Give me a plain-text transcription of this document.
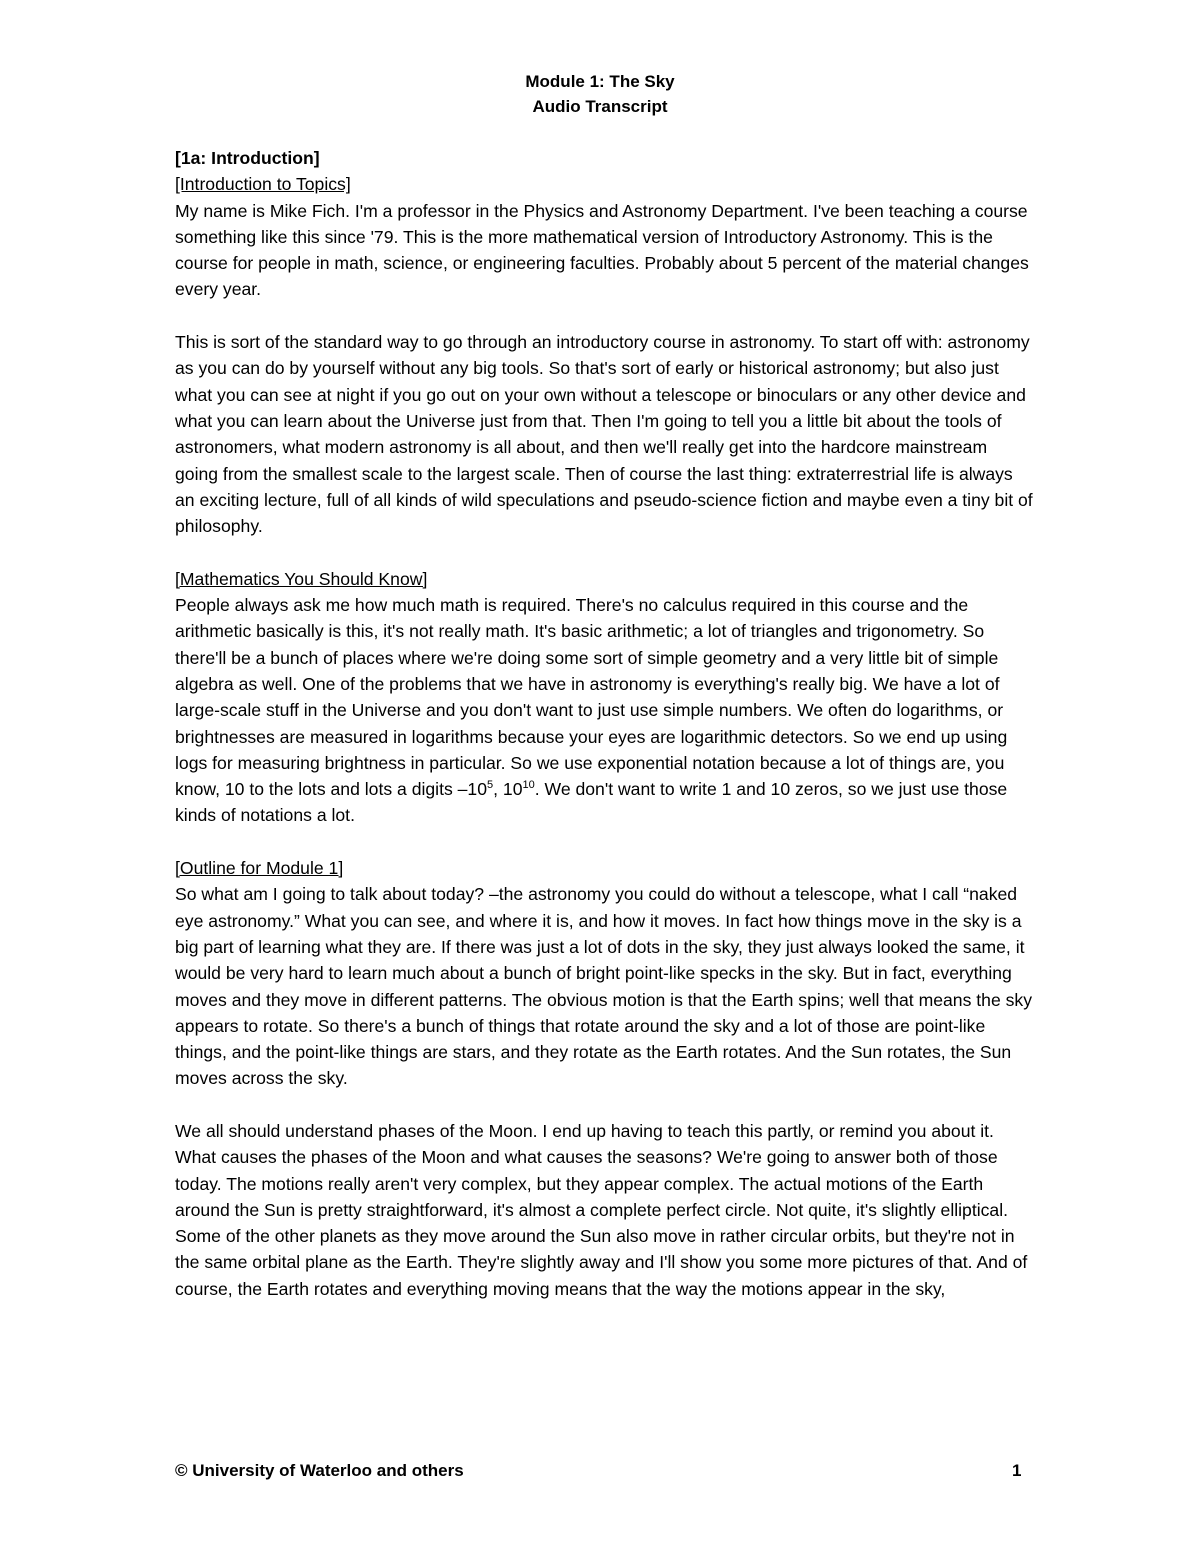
Module 1: The Sky
Audio Transcript
[1a: Introduction]
[Introduction to Topics]

My name is Mike Fich. I'm a professor in the Physics and Astronomy Department. I've been teaching a course something like this since '79. This is the more mathematical version of Introductory Astronomy. This is the course for people in math, science, or engineering faculties. Probably about 5 percent of the material changes every year.

This is sort of the standard way to go through an introductory course in astronomy. To start off with: astronomy as you can do by yourself without any big tools. So that's sort of early or historical astronomy; but also just what you can see at night if you go out on your own without a telescope or binoculars or any other device and what you can learn about the Universe just from that. Then I'm going to tell you a little bit about the tools of astronomers, what modern astronomy is all about, and then we'll really get into the hardcore mainstream going from the smallest scale to the largest scale. Then of course the last thing: extraterrestrial life is always an exciting lecture, full of all kinds of wild speculations and pseudo-science fiction and maybe even a tiny bit of philosophy.

[Mathematics You Should Know]

People always ask me how much math is required. There's no calculus required in this course and the arithmetic basically is this, it's not really math. It's basic arithmetic; a lot of triangles and trigonometry. So there'll be a bunch of places where we're doing some sort of simple geometry and a very little bit of simple algebra as well. One of the problems that we have in astronomy is everything's really big. We have a lot of large-scale stuff in the Universe and you don't want to just use simple numbers. We often do logarithms, or brightnesses are measured in logarithms because your eyes are logarithmic detectors. So we end up using logs for measuring brightness in particular. So we use exponential notation because a lot of things are, you know, 10 to the lots and lots a digits $-10^5$, $10^{10}$. We don't want to write 1 and 10 zeros, so we just use those kinds of notations a lot.

[Outline for Module 1]

So what am I going to talk about today? –the astronomy you could do without a telescope, what I call “naked eye astronomy.” What you can see, and where it is, and how it moves. In fact how things move in the sky is a big part of learning what they are. If there was just a lot of dots in the sky, they just always looked the same, it would be very hard to learn much about a bunch of bright point-like specks in the sky. But in fact, everything moves and they move in different patterns. The obvious motion is that the Earth spins; well that means the sky appears to rotate. So there's a bunch of things that rotate around the sky and a lot of those are point-like things, and the point-like things are stars, and they rotate as the Earth rotates. And the Sun rotates, the Sun moves across the sky.

We all should understand phases of the Moon. I end up having to teach this partly, or remind you about it. What causes the phases of the Moon and what causes the seasons? We're going to answer both of those today. The motions really aren't very complex, but they appear complex. The actual motions of the Earth around the Sun is pretty straightforward, it's almost a complete perfect circle. Not quite, it's slightly elliptical. Some of the other planets as they move around the Sun also move in rather circular orbits, but they're not in the same orbital plane as the Earth. They're slightly away and I'll show you some more pictures of that. And of course, the Earth rotates and everything moving means that the way the motions appear in the sky,

© University of Waterloo and others	1
